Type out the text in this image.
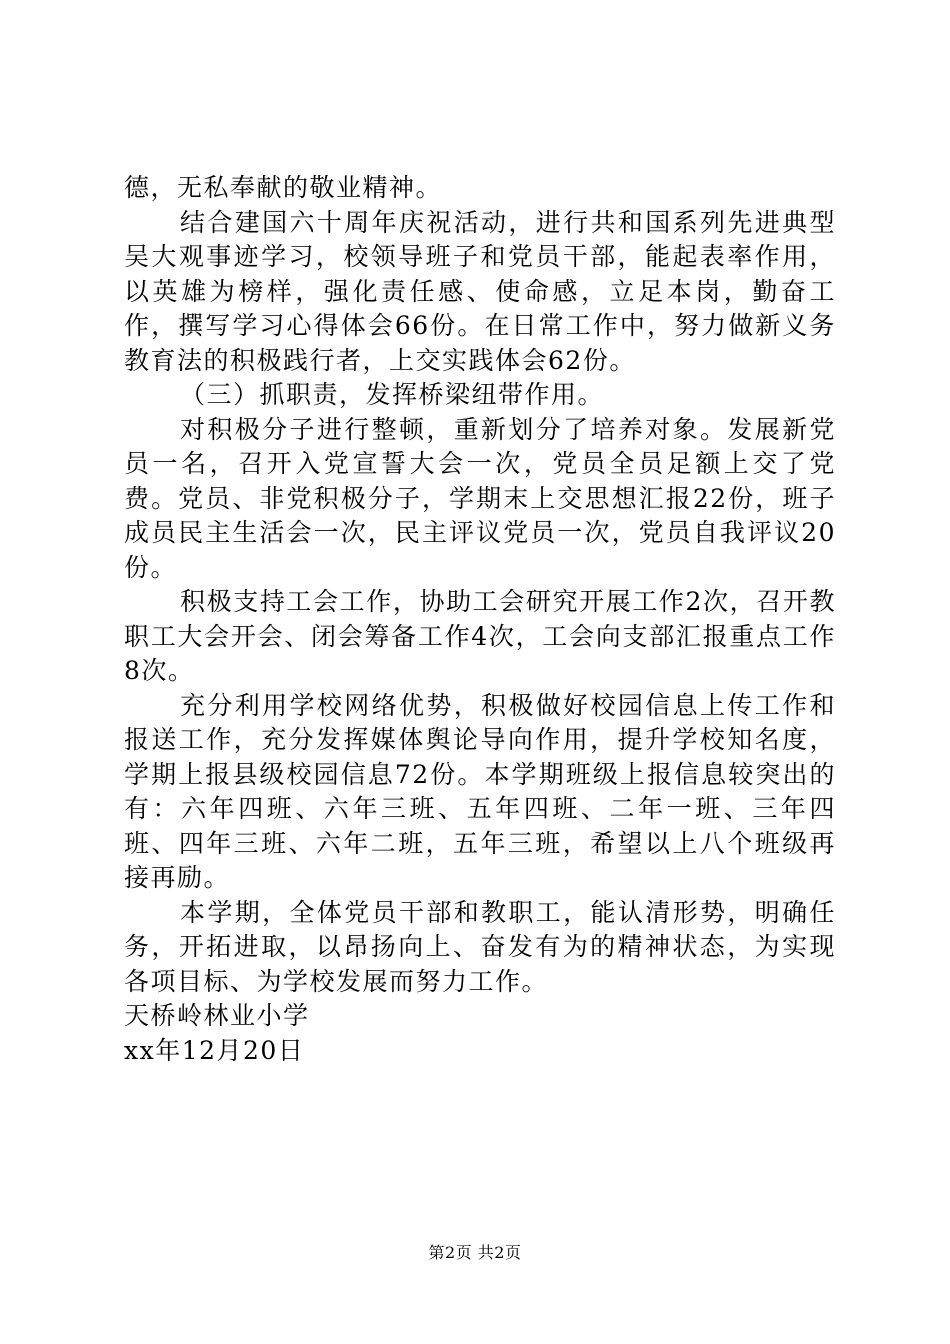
德，无私奉献的敬业精神。

结合建国六十周年庆祝活动，进行共和国系列先进典型吴大观事迹学习，校领导班子和党员干部，能起表率作用，以英雄为榜样，强化责任感、使命感，立足本岗，勤奋工作，撰写学习心得体会66份。在日常工作中，努力做新义务教育法的积极践行者，上交实践体会62份。

（三）抓职责，发挥桥梁纽带作用。

对积极分子进行整顿，重新划分了培养对象。发展新党员一名，召开入党宣誓大会一次，党员全员足额上交了党费。党员、非党积极分子，学期末上交思想汇报22份，班子成员民主生活会一次，民主评议党员一次，党员自我评议20份。

积极支持工会工作，协助工会研究开展工作2次，召开教职工大会开会、闭会筹备工作4次，工会向支部汇报重点工作8次。

充分利用学校网络优势，积极做好校园信息上传工作和报送工作，充分发挥媒体舆论导向作用，提升学校知名度，学期上报县级校园信息72份。本学期班级上报信息较突出的有：六年四班、六年三班、五年四班、二年一班、三年四班、四年三班、六年二班，五年三班，希望以上八个班级再接再励。

本学期，全体党员干部和教职工，能认清形势，明确任务，开拓进取，以昂扬向上、奋发有为的精神状态，为实现各项目标、为学校发展而努力工作。

天桥岭林业小学

xx年12月20日

第2页 共2页
